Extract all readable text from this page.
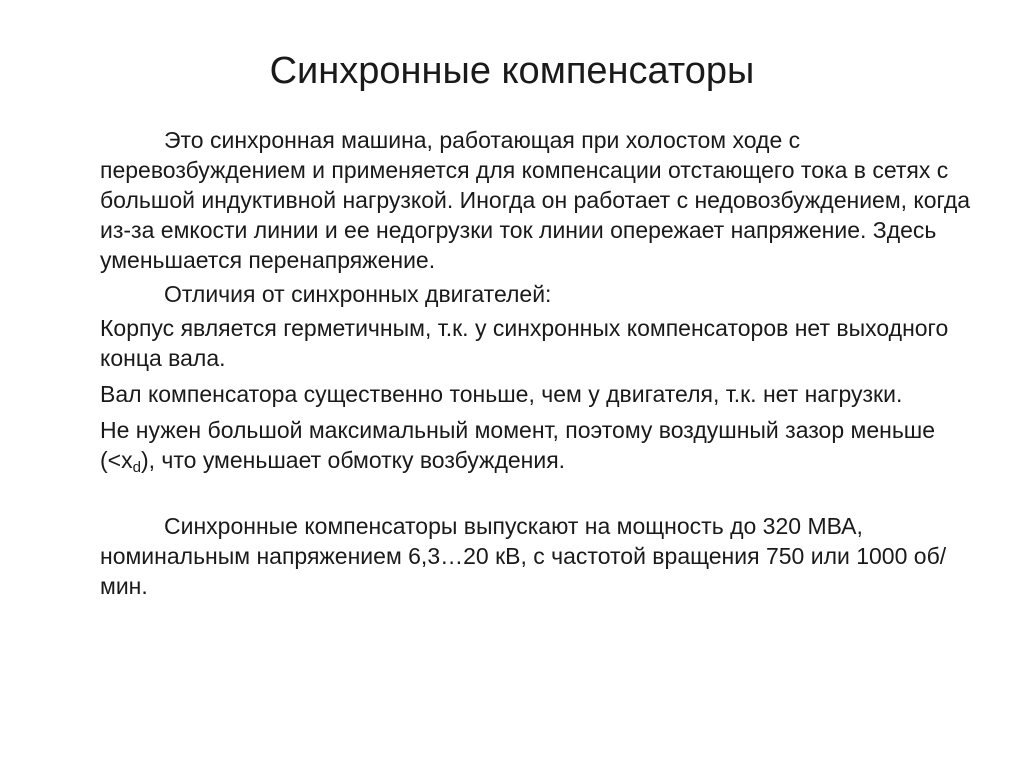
Синхронные компенсаторы

Это синхронная машина, работающая при холостом ходе с перевозбуждением и применяется для компенсации отстающего тока в сетях с большой индуктивной нагрузкой. Иногда он работает с недовозбуждением, когда из-за емкости линии и ее недогрузки ток линии опережает напряжение. Здесь уменьшается перенапряжение.

Отличия от синхронных двигателей:

Корпус является герметичным, т.к. у синхронных компенсаторов нет выходного конца вала.

Вал компенсатора существенно тоньше, чем у двигателя, т.к. нет нагрузки.

Не нужен большой максимальный момент, поэтому воздушный зазор меньше $(<x_d)$, что уменьшает обмотку возбуждения.

Синхронные компенсаторы выпускают на мощность до 320 МВА, номинальным напряжением 6,3…20 кВ, с частотой вращения 750 или 1000 об/мин.
